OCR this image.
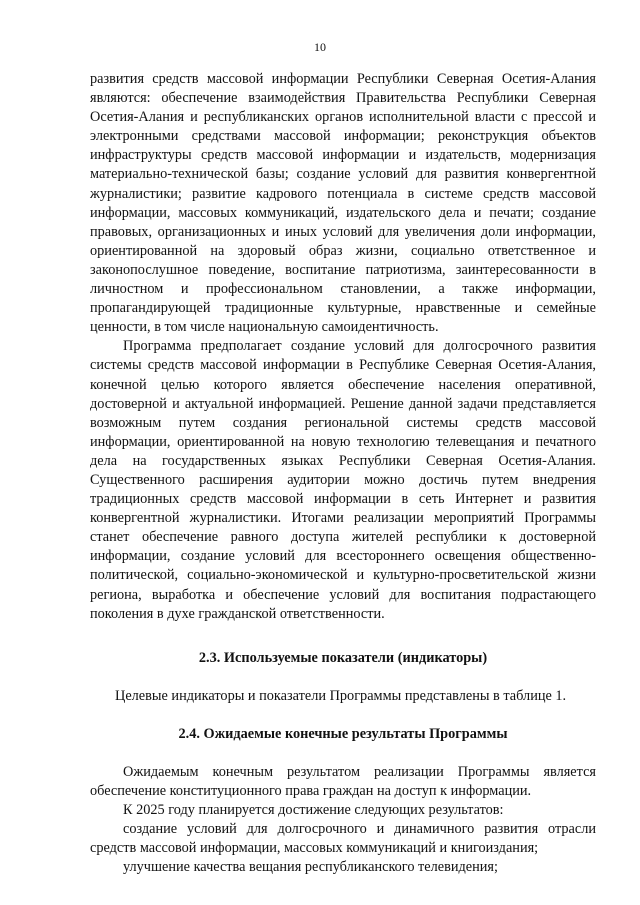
10

развития средств массовой информации Республики Северная Осетия-Алания являются: обеспечение взаимодействия Правительства Республики Северная Осетия-Алания и республиканских органов исполнительной власти с прессой и электронными средствами массовой информации; реконструкция объектов инфраструктуры средств массовой информации и издательств, модернизация материально-технической базы; создание условий для развития конвергентной журналистики; развитие кадрового потенциала в системе средств массовой информации, массовых коммуникаций, издательского дела и печати; создание правовых, организационных и иных условий для увеличения доли информации, ориентированной на здоровый образ жизни, социально ответственное и законопослушное поведение, воспитание патриотизма, заинтересованности в личностном и профессиональном становлении, а также информации, пропагандирующей традиционные культурные, нравственные и семейные ценности, в том числе национальную самоидентичность.

Программа предполагает создание условий для долгосрочного развития системы средств массовой информации в Республике Северная Осетия-Алания, конечной целью которого является обеспечение населения оперативной, достоверной и актуальной информацией. Решение данной задачи представляется возможным путем создания региональной системы средств массовой информации, ориентированной на новую технологию телевещания и печатного дела на государственных языках Республики Северная Осетия-Алания. Существенного расширения аудитории можно достичь путем внедрения традиционных средств массовой информации в сеть Интернет и развития конвергентной журналистики. Итогами реализации мероприятий Программы станет обеспечение равного доступа жителей республики к достоверной информации, создание условий для всестороннего освещения общественно-политической, социально-экономической и культурно-просветительской жизни региона, выработка и обеспечение условий для воспитания подрастающего поколения в духе гражданской ответственности.

2.3. Используемые показатели (индикаторы)

Целевые индикаторы и показатели Программы представлены в таблице 1.

2.4. Ожидаемые конечные результаты Программы

Ожидаемым конечным результатом реализации Программы является обеспечение конституционного права граждан на доступ к информации.

К 2025 году планируется достижение следующих результатов:

создание условий для долгосрочного и динамичного развития отрасли средств массовой информации, массовых коммуникаций и книгоиздания;

улучшение качества вещания республиканского телевидения;
